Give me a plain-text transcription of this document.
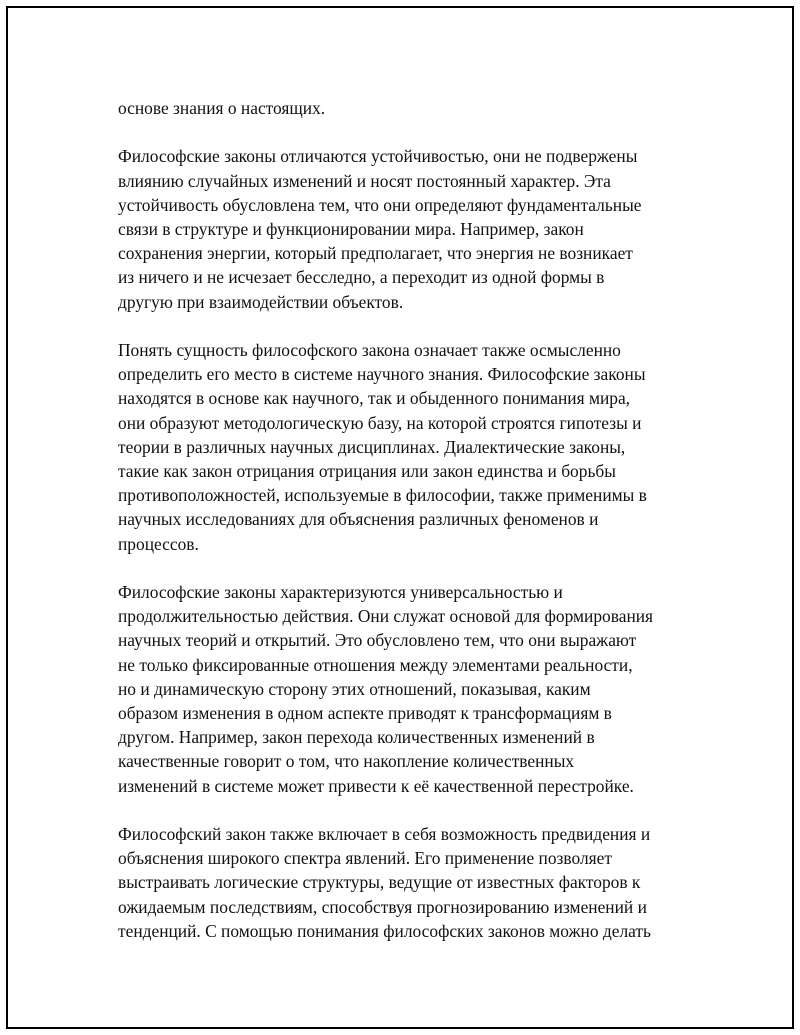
основе знания о настоящих.

Философские законы отличаются устойчивостью, они не подвержены
влиянию случайных изменений и носят постоянный характер. Эта
устойчивость обусловлена тем, что они определяют фундаментальные
связи в структуре и функционировании мира. Например, закон
сохранения энергии, который предполагает, что энергия не возникает
из ничего и не исчезает бесследно, а переходит из одной формы в
другую при взаимодействии объектов.

Понять сущность философского закона означает также осмысленно
определить его место в системе научного знания. Философские законы
находятся в основе как научного, так и обыденного понимания мира,
они образуют методологическую базу, на которой строятся гипотезы и
теории в различных научных дисциплинах. Диалектические законы,
такие как закон отрицания отрицания или закон единства и борьбы
противоположностей, используемые в философии, также применимы в
научных исследованиях для объяснения различных феноменов и
процессов.

Философские законы характеризуются универсальностью и
продолжительностью действия. Они служат основой для формирования
научных теорий и открытий. Это обусловлено тем, что они выражают
не только фиксированные отношения между элементами реальности,
но и динамическую сторону этих отношений, показывая, каким
образом изменения в одном аспекте приводят к трансформациям в
другом. Например, закон перехода количественных изменений в
качественные говорит о том, что накопление количественных
изменений в системе может привести к её качественной перестройке.

Философский закон также включает в себя возможность предвидения и
объяснения широкого спектра явлений. Его применение позволяет
выстраивать логические структуры, ведущие от известных факторов к
ожидаемым последствиям, способствуя прогнозированию изменений и
тенденций. С помощью понимания философских законов можно делать
